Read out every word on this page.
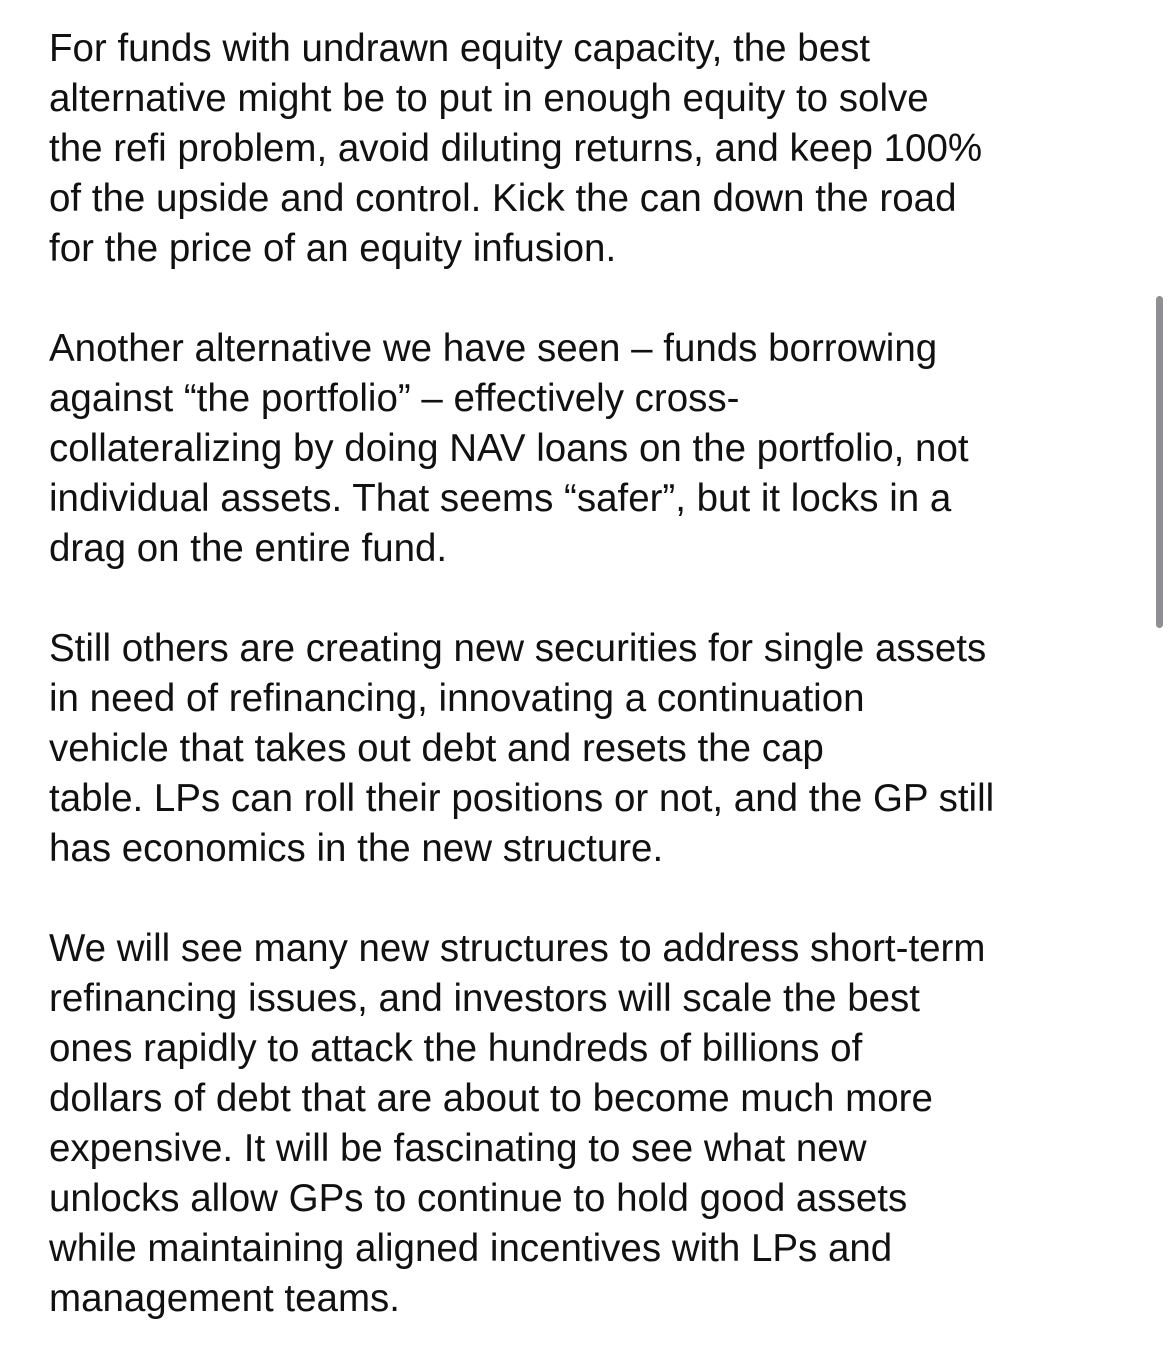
For funds with undrawn equity capacity, the best
alternative might be to put in enough equity to solve
the refi problem, avoid diluting returns, and keep 100%
of the upside and control. Kick the can down the road
for the price of an equity infusion.
Another alternative we have seen – funds borrowing
against “the portfolio” – effectively cross-
collateralizing by doing NAV loans on the portfolio, not
individual assets. That seems “safer”, but it locks in a
drag on the entire fund.
Still others are creating new securities for single assets
in need of refinancing, innovating a continuation
vehicle that takes out debt and resets the cap
table. LPs can roll their positions or not, and the GP still
has economics in the new structure.
We will see many new structures to address short-term
refinancing issues, and investors will scale the best
ones rapidly to attack the hundreds of billions of
dollars of debt that are about to become much more
expensive. It will be fascinating to see what new
unlocks allow GPs to continue to hold good assets
while maintaining aligned incentives with LPs and
management teams.
